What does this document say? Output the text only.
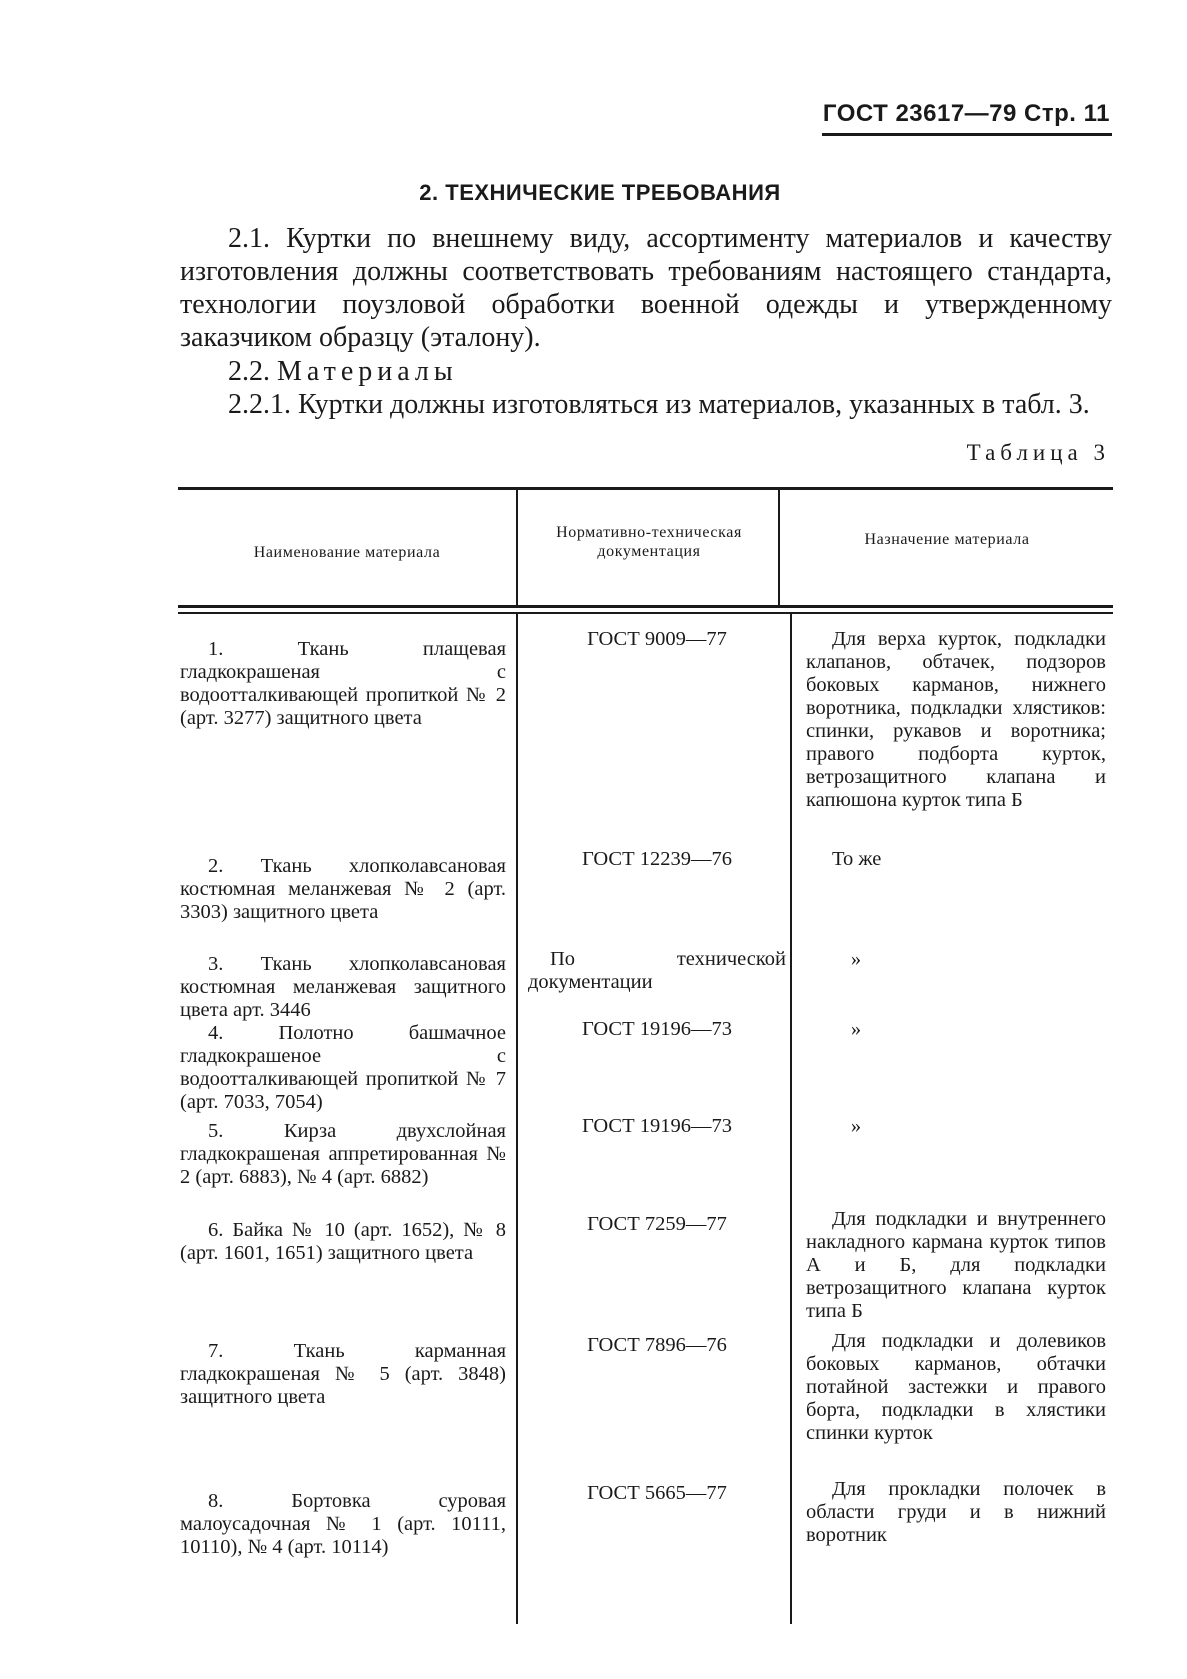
ГОСТ 23617—79 Стр. 11
2. ТЕХНИЧЕСКИЕ ТРЕБОВАНИЯ
2.1. Куртки по внешнему виду, ассортименту материалов и качеству изготовления должны соответствовать требованиям настоящего стандарта, технологии поузловой обработки военной одежды и утвержденному заказчиком образцу (эталону).
2.2. Материалы
2.2.1. Куртки должны изготовляться из материалов, указанных в табл. 3.
Таблица 3
Наименование материала
Нормативно-техническая документация
Назначение материала
1. Ткань плащевая гладкокрашеная с водоотталкивающей пропиткой № 2 (арт. 3277) защитного цвета
ГОСТ 9009—77	Для верха курток, подкладки клапанов, обтачек, подзоров боковых карманов, нижнего воротника, подкладки хлястиков: спинки, рукавов и воротника; правого подборта курток, ветрозащитного клапана и капюшона курток типа Б
2. Ткань хлопколавсановая костюмная меланжевая № 2 (арт. 3303) защитного цвета
ГОСТ 12239—76	То же
3. Ткань хлопколавсановая костюмная меланжевая защитного цвета арт. 3446
По технической документации
»
4. Полотно башмачное гладкокрашеное с водоотталкивающей пропиткой № 7 (арт. 7033, 7054)
ГОСТ 19196—73	»
5. Кирза двухслойная гладкокрашеная аппретированная № 2 (арт. 6883), № 4 (арт. 6882)
ГОСТ 19196—73	»
6. Байка № 10 (арт. 1652), № 8 (арт. 1601, 1651) защитного цвета
ГОСТ 7259—77	Для подкладки и внутреннего накладного кармана курток типов А и Б, для подкладки ветрозащитного клапана курток типа Б
7. Ткань карманная гладкокрашеная № 5 (арт. 3848) защитного цвета
ГОСТ 7896—76	Для подкладки и долевиков боковых карманов, обтачки потайной застежки и правого борта, подкладки в хлястики спинки курток
8. Бортовка суровая малоусадочная № 1 (арт. 10111, 10110), № 4 (арт. 10114)
ГОСТ 5665—77	Для прокладки полочек в области груди и в нижний воротник
